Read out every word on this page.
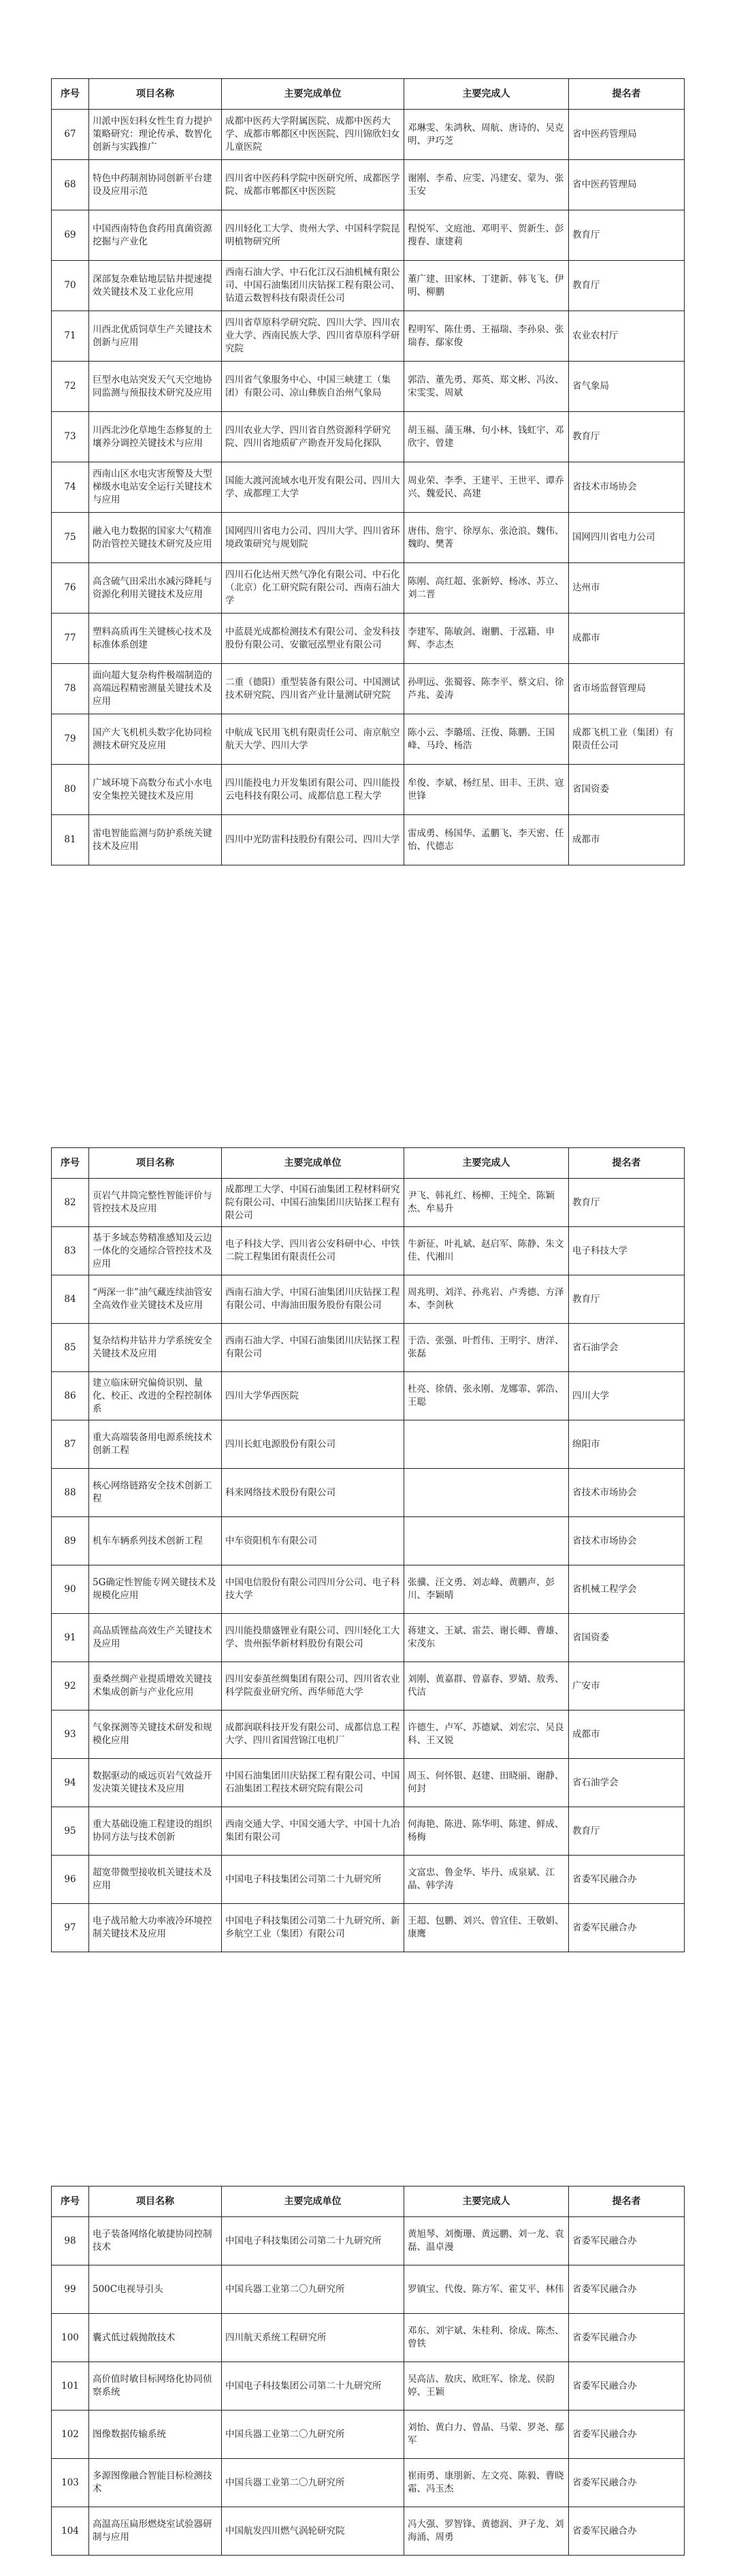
序号	项目名称	主要完成单位	主要完成人	提名者
67	川派中医妇科女性生育力提护策略研究：理论传承、数智化创新与实践推广	成都中医药大学附属医院、成都中医药大学、成都市郫都区中医医院、四川锦欣妇女儿童医院	邓琳雯、朱鸿秋、周航、唐诗的、吴克明、尹巧芝	省中医药管理局
68	特色中药制剂协同创新平台建设及应用示范	四川省中医药科学院中医研究所、成都医学院、成都市郫都区中医医院	谢刚、李希、应雯、冯建安、蒙为、张玉安	省中医药管理局
69	中国西南特色食药用真菌资源挖掘与产业化	四川轻化工大学、贵州大学、中国科学院昆明植物研究所	程悦军、文庭池、邓明平、贺新生、彭搜春、康建莉	教育厅
70	深部复杂难钻地层钻井提速提效关键技术及工业化应用	西南石油大学、中石化江汉石油机械有限公司、中国石油集团川庆钻探工程有限公司、钻道云数智科技有限责任公司	董广建、田家林、丁建新、韩飞飞、伊明、柳鹏	教育厅
71	川西北优质饲草生产关键技术创新与应用	四川省草原科学研究院、四川大学、四川农业大学、西南民族大学、四川省草原科学研究院	程明军、陈仕勇、王福瑞、李孙泉、张瑞春、鄢家俊	农业农村厅
72	巨型水电站突发天气天空地协同监测与预报技术研究及应用	四川省气象服务中心、中国三峡建工（集团）有限公司、凉山彝族自治州气象局	郭浩、董先勇、郑英、郑文彬、冯汝、宋雯雯、周斌	省气象局
73	川西北沙化草地生态修复的土壤养分调控关键技术与应用	四川农业大学、四川省自然资源科学研究院、四川省地质矿产勘查开发局化探队	胡玉福、蒲玉琳、句小林、钱虹宇、邓欣宇、曾建	教育厅
74	西南山区水电灾害预警及大型梯级水电站安全运行关键技术与应用	国能大渡河流域水电开发有限公司、四川大学、成都理工大学	周业荣、李季、王建平、王世平、谭乔兴、魏爱民、高建	省技术市场协会
75	融入电力数据的国家大气精准防治管控关键技术研究及应用	国网四川省电力公司、四川大学、四川省环境政策研究与规划院	唐伟、詹宇、徐厚东、张沧浪、魏伟、魏昀、樊菁	国网四川省电力公司
76	高含硫气田采出水减污降耗与资源化利用关键技术及应用	四川石化达州天然气净化有限公司、中石化（北京）化工研究院有限公司、西南石油大学	陈刚、高红超、张新婷、杨冰、苏立、刘二晋	达州市
77	塑料高质再生关键核心技术及标准体系创建	中蓝晨光成都检测技术有限公司、金发科技股份有限公司、安徽冠泓塑业有限公司	李建军、陈敏剑、谢鹏、于泓籍、申辉、李志杰	成都市
78	面向超大复杂构件极端制造的高端远程精密测量关键技术及应用	二重（德阳）重型装备有限公司、中国测试技术研究院、四川省产业计量测试研究院	孙明远、张蜀蓉、陈李平、蔡文启、徐芦兆、姜涛	省市场监督管理局
79	国产大飞机机头数字化协同检测技术研究及应用	中航成飞民用飞机有限责任公司、南京航空航天大学、四川大学	陈小云、李璐瑶、汪俊、陈鹏、王国峰、马玲、杨浩	成都飞机工业（集团）有限责任公司
80	广域环境下高数分布式小水电安全集控关键技术及应用	四川能投电力开发集团有限公司、四川能投云电科技有限公司、成都信息工程大学	牟俊、李斌、杨红星、田丰、王洪、寇世锋	省国资委
81	雷电智能监测与防护系统关键技术及应用	四川中光防雷科技股份有限公司、四川大学	雷成勇、杨国华、孟鹏飞、李天密、任怡、代德志	成都市
序号	项目名称	主要完成单位	主要完成人	提名者
82	页岩气井筒完整性智能评价与管控技术及应用	成都理工大学、中国石油集团工程材料研究院有限公司、中国石油集团川庆钻探工程有限公司	尹飞、韩礼红、杨柳、王纯全、陈颖杰、牟易升	教育厅
83	基于多域态势精准感知及云边一体化的交通综合管控技术及应用	电子科技大学、四川省公安科研中心、中铁二院工程集团有限责任公司	牛新征、叶礼斌、赵启军、陈静、朱文佳、代湘川	电子科技大学
84	“两深一非”油气藏连续油管安全高效作业关键技术及应用	西南石油大学、中国石油集团川庆钻探工程有限公司、中海油田服务股份有限公司	周兆明、刘洋、孙兆岩、卢秀德、方泽本、李剑秋	教育厅
85	复杂结构井钻井力学系统安全关键技术及应用	西南石油大学、中国石油集团川庆钻探工程有限公司	于浩、张强、叶哲伟、王明宇、唐洋、张磊	省石油学会
86	建立临床研究偏倚识别、量化、校正、改进的全程控制体系	四川大学华西医院	杜亮、徐倩、张永刚、龙娜霏、郭浩、王聪	四川大学
87	重大高端装备用电源系统技术创新工程	四川长虹电源股份有限公司		绵阳市
88	核心网络链路安全技术创新工程	科来网络技术股份有限公司		省技术市场协会
89	机车车辆系列技术创新工程	中车资阳机车有限公司		省技术市场协会
90	5G确定性智能专网关键技术及规模化应用	中国电信股份有限公司四川分公司、电子科技大学	张骥、汪文勇、刘志峰、黄鹏声、彭川、李颖晴	省机械工程学会
91	高品质锂盐高效生产关键技术及应用	四川能投鼎盛锂业有限公司、四川轻化工大学、贵州振华新材料股份有限公司	蒋建文、王斌、雷芸、谢长卿、曹雄、宋茂东	省国资委
92	蚕桑丝绸产业提质增效关键技术集成创新与产业化应用	四川安泰茧丝绸集团有限公司、四川省农业科学院蚕业研究所、西华师范大学	刘刚、黄嘉群、曾嘉春、罗婧、敖秀、代洁	广安市
93	气象探测等关键技术研发和规模化应用	成都润联科技开发有限公司、成都信息工程大学、四川省国营锦江电机厂	许德生、卢军、苏德斌、刘宏宗、吴良科、王又锐	成都市
94	数据驱动的威远页岩气效益开发决策关键技术及应用	中国石油集团川庆钻探工程有限公司、中国石油集团工程技术研究院有限公司	周玉、何怀银、赵建、田晓丽、谢静、何封	省石油学会
95	重大基础设施工程建设的组织协同方法与技术创新	西南交通大学、中国交通大学、中国十九冶集团有限公司	何海艳、陈进、陈华明、陈建、鲜成、杨梅	教育厅
96	超宽带微型接收机关键技术及应用	中国电子科技集团公司第二十九研究所	文富忠、鲁金华、毕丹、成泉斌、江晶、韩学涛	省委军民融合办
97	电子战吊舱大功率液冷环境控制关键技术及应用	中国电子科技集团公司第二十九研究所、新乡航空工业（集团）有限公司	王超、包鹏、刘兴、曾宜佳、王敬娟、康鹰	省委军民融合办
序号	项目名称	主要完成单位	主要完成人	提名者
98	电子装备网络化敏捷协同控制技术	中国电子科技集团公司第二十九研究所	黄旭琴、刘衡珊、黄远鹏、刘一龙、袁磊、温卓漫	省委军民融合办
99	500C电视导引头	中国兵器工业第二〇九研究所	罗镇宝、代俊、陈方军、霍艾平、林伟	省委军民融合办
100	囊式低过载抛散技术	四川航天系统工程研究所	邓东、刘宇斌、朱桂利、徐成、陈杰、曾铁	省委军民融合办
101	高价值时敏目标网络化协同侦察系统	中国电子科技集团公司第二十九研究所	吴高洁、敖庆、欧旺军、徐龙、侯韵婷、王颖	省委军民融合办
102	图像数据传输系统	中国兵器工业第二〇九研究所	刘怡、黄白力、曾晶、马蒙、罗尧、鄢军	省委军民融合办
103	多源图像融合智能目标检测技术	中国兵器工业第二〇九研究所	崔雨勇、康朋新、左文亮、陈毅、曹晓霜、冯玉杰	省委军民融合办
104	高温高压扁形燃烧室试验器研制与应用	中国航发四川燃气涡轮研究院	冯大强、罗智锋、黄德润、尹子龙、刘海涌、周勇	省委军民融合办
